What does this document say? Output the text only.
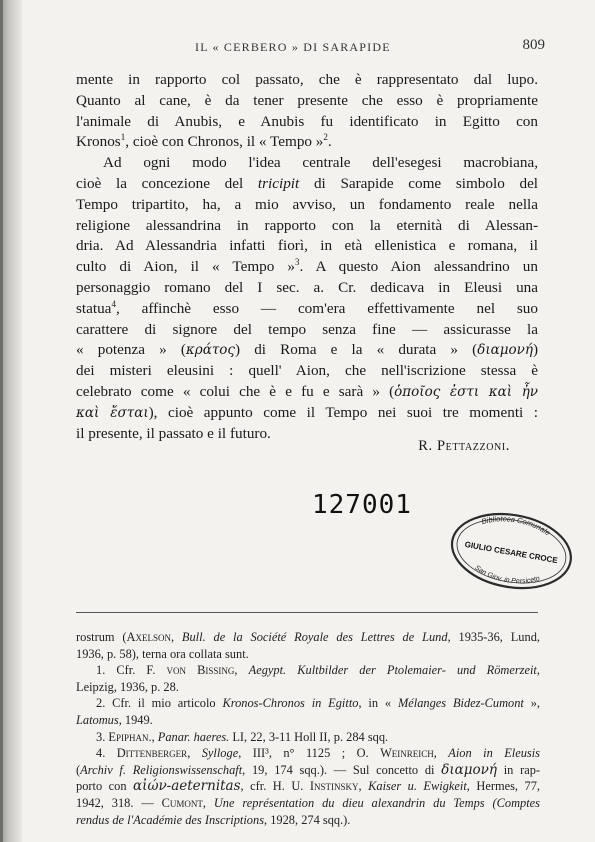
IL « CERBERO » DI SARAPIDE	809
mente in rapporto col passato, che è rappresentato dal lupo.
Quanto al cane, è da tener presente che esso è propriamente
l'animale di Anubis, e Anubis fu identificato in Egitto con
Kronos$^1$, cioè con Chronos, il « Tempo »$^2$.
Ad ogni modo l'idea centrale dell'esegesi macrobiana,
cioè la concezione del tricipit di Sarapide come simbolo del
Tempo tripartito, ha, a mio avviso, un fondamento reale nella
religione alessandrina in rapporto con la eternità di Alessan-
dria. Ad Alessandria infatti fiorì, in età ellenistica e romana, il
culto di Aion, il « Tempo »$^3$. A questo Aion alessandrino un
personaggio romano del I sec. a. Cr. dedicava in Eleusi una
statua$^4$, affinchè esso — com'era effettivamente nel suo
carattere di signore del tempo senza fine — assicurasse la
« potenza » (κράτος) di Roma e la « durata » (διαμονή)
dei misteri eleusini : quell' Aion, che nell'iscrizione stessa è
celebrato come « colui che è e fu e sarà » (ὁποῖος ἐστι καὶ ἦν
καὶ ἔσται), cioè appunto come il Tempo nei suoi tre momenti :
il presente, il passato e il futuro.
R. Pettazzoni.
127001
Biblioteca Comunale
GIULIO CESARE CROCE
San Giov. in Persiceto
rostrum (Axelson, Bull. de la Société Royale des Lettres de Lund, 1935-36, Lund,
1936, p. 58), terna ora collata sunt.
1. Cfr. F. von Bissing, Aegypt. Kultbilder der Ptolemaier- und Römerzeit,
Leipzig, 1936, p. 28.
2. Cfr. il mio articolo Kronos-Chronos in Egitto, in « Mélanges Bidez-Cumont »,
Latomus, 1949.
3. Epiphan., Panar. haeres. LI, 22, 3-11 Holl II, p. 284 sqq.
4. Dittenberger, Sylloge, III³, n° 1125 ; O. Weinreich, Aion in Eleusis
(Archiv f. Religionswissenschaft, 19, 174 sqq.). — Sul concetto di διαμονή in rap-
porto con αἰών-aeternitas, cfr. H. U. Instinsky, Kaiser u. Ewigkeit, Hermes, 77,
1942, 318. — Cumont, Une représentation du dieu alexandrin du Temps (Comptes
rendus de l'Académie des Inscriptions, 1928, 274 sqq.).
